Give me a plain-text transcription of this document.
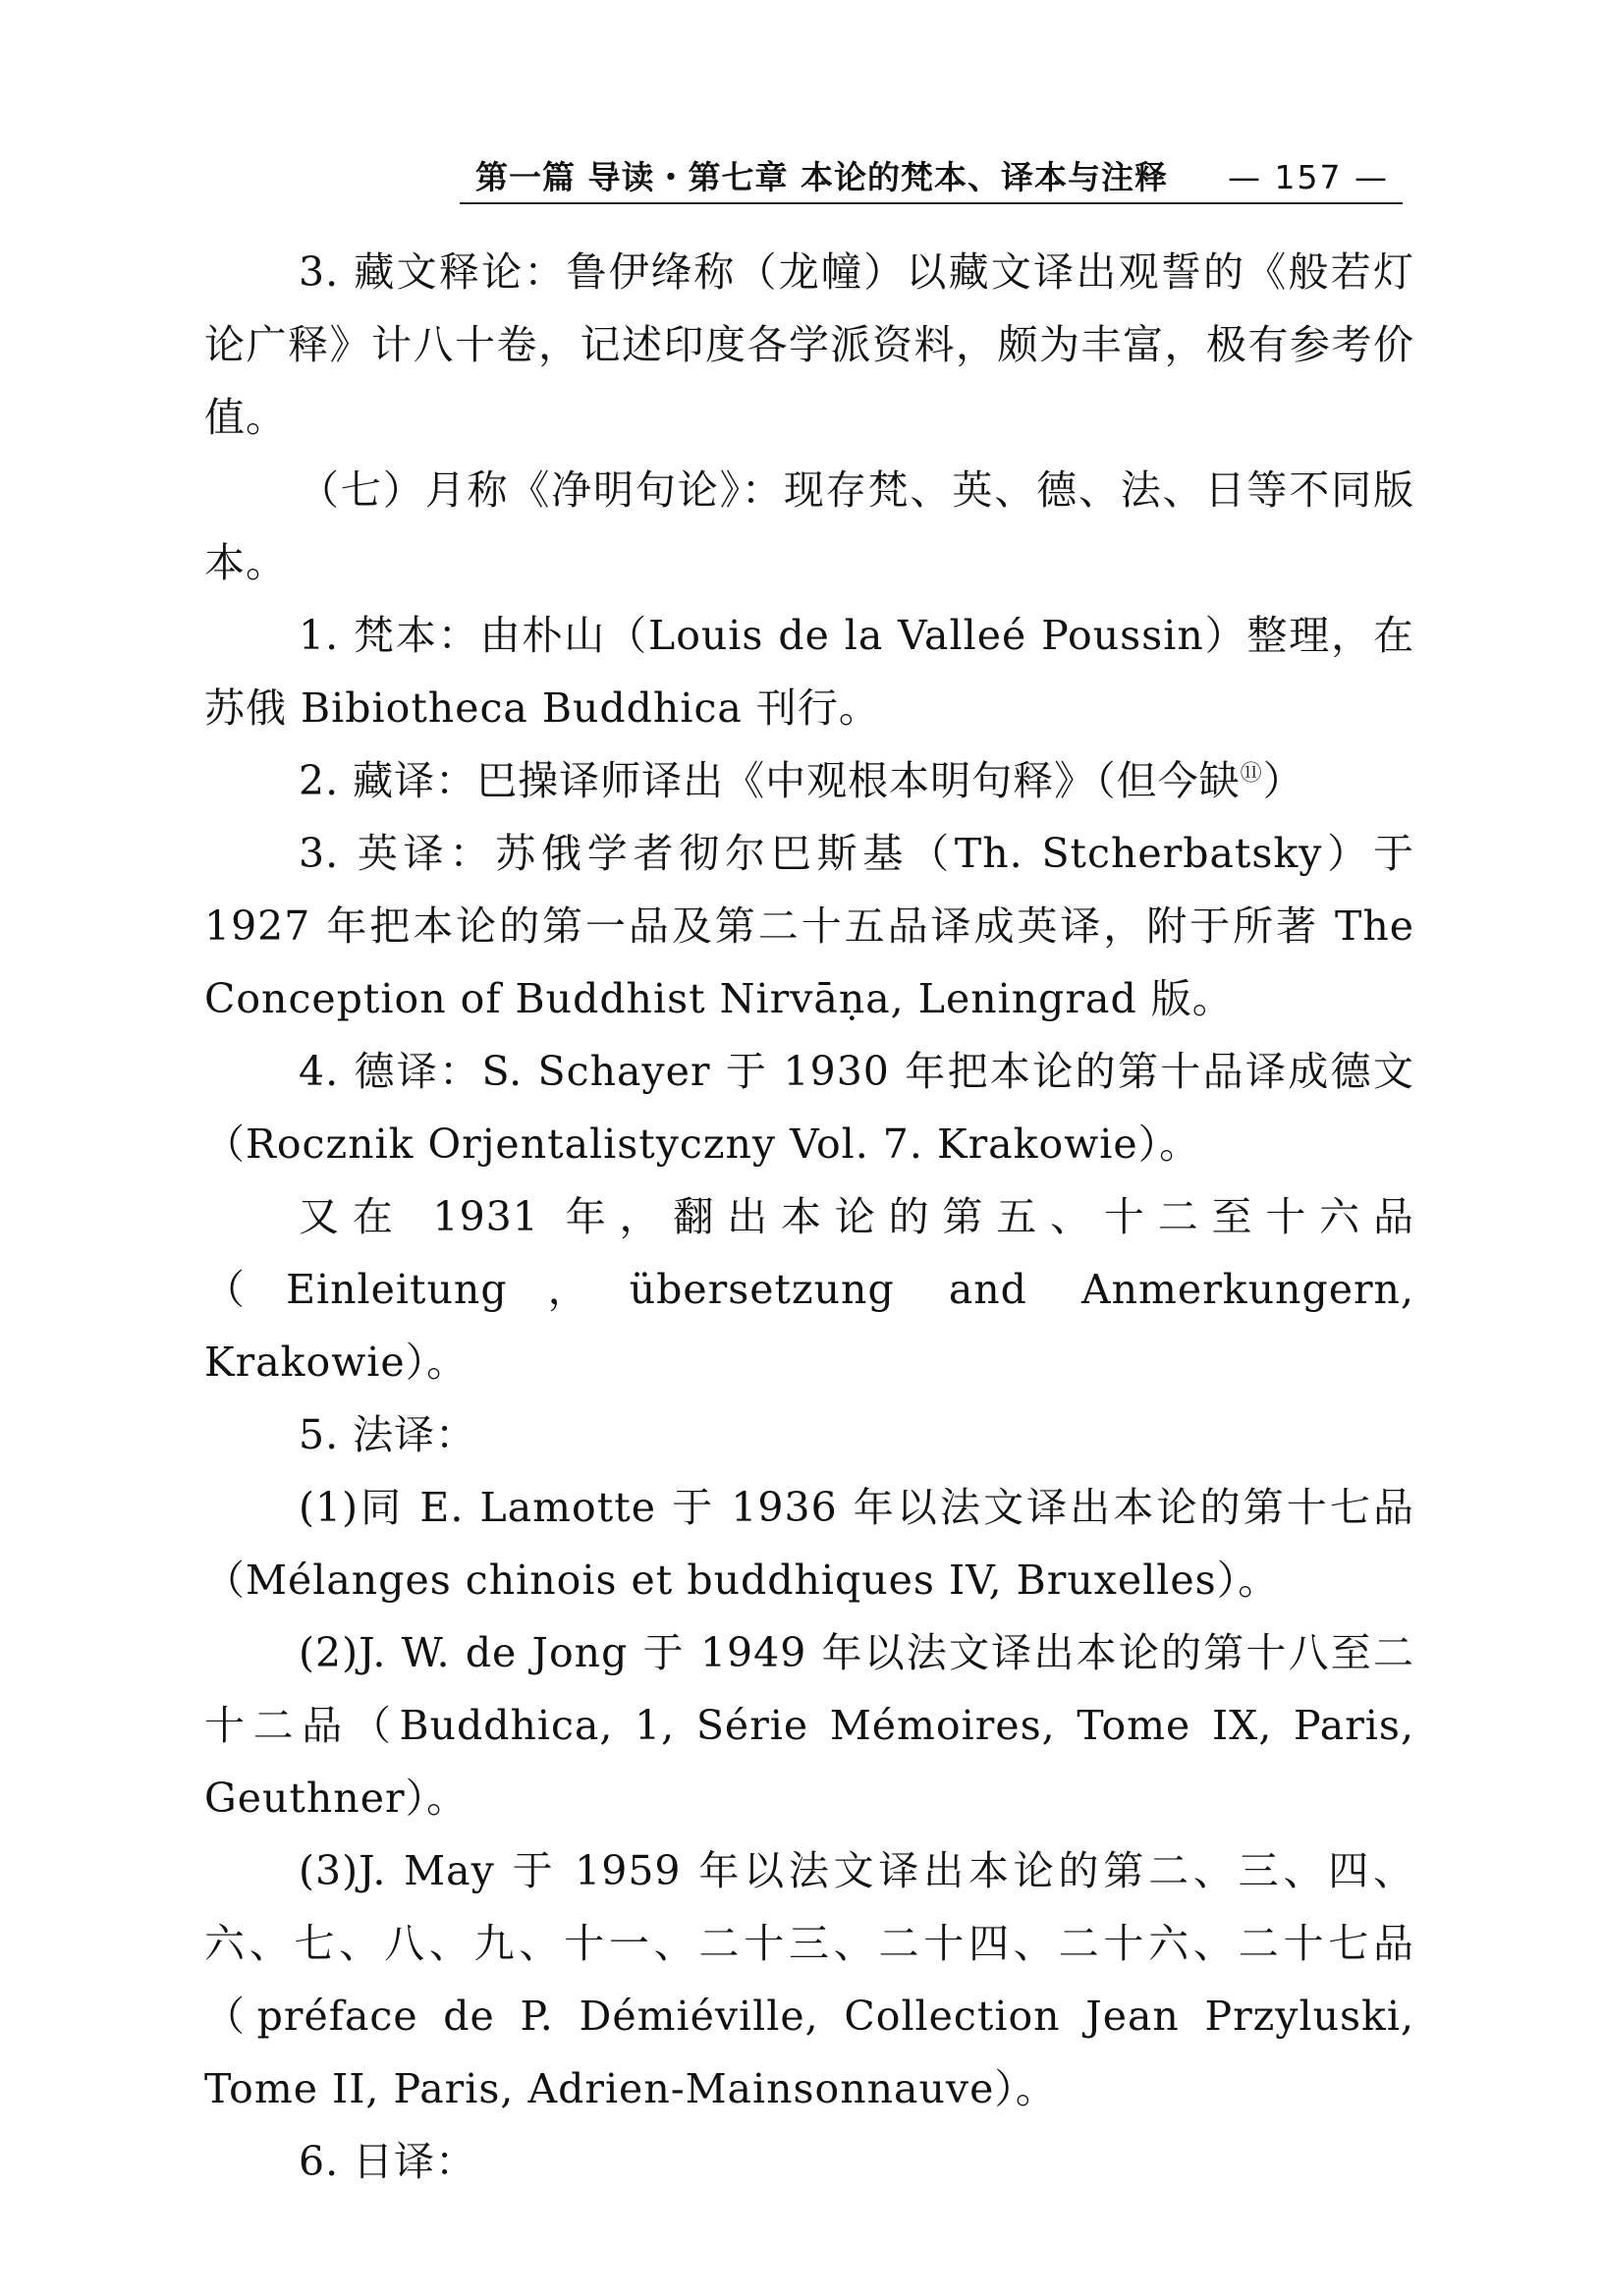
第一篇 导读・第七章 本论的梵本、译本与注释 — 157 —

3. 藏文释论：鲁伊绛称（龙幢）以藏文译出观誓的《般若灯论广释》计八十卷，记述印度各学派资料，颇为丰富，极有参考价值。

（七）月称《净明句论》：现存梵、英、德、法、日等不同版本。

1. 梵本：由朴山（Louis de la Valleé Poussin）整理，在苏俄 Bibiotheca Buddhica 刊行。

2. 藏译：巴操译师译出《中观根本明句释》（但今缺⑪）

3. 英译：苏俄学者彻尔巴斯基（Th. Stcherbatsky）于 1927 年把本论的第一品及第二十五品译成英译，附于所著 The Conception of Buddhist Nirvāṇa, Leningrad 版。

4. 德译：S. Schayer 于 1930 年把本论的第十品译成德文（Rocznik Orjentalistyczny Vol. 7. Krakowie）。

又在 1931 年，翻出本论的第五、十二至十六品（Einleitung，übersetzung and Anmerkungern, Krakowie）。

5. 法译：

(1)同 E. Lamotte 于 1936 年以法文译出本论的第十七品（Mélanges chinois et buddhiques IV, Bruxelles）。

(2)J. W. de Jong 于 1949 年以法文译出本论的第十八至二十二品（Buddhica, 1, Série Mémoires, Tome IX, Paris, Geuthner）。

(3)J. May 于 1959 年以法文译出本论的第二、三、四、六、七、八、九、十一、二十三、二十四、二十六、二十七品（préface de P. Démiéville, Collection Jean Przyluski, Tome II, Paris, Adrien-Mainsonnauve）。

6. 日译：
